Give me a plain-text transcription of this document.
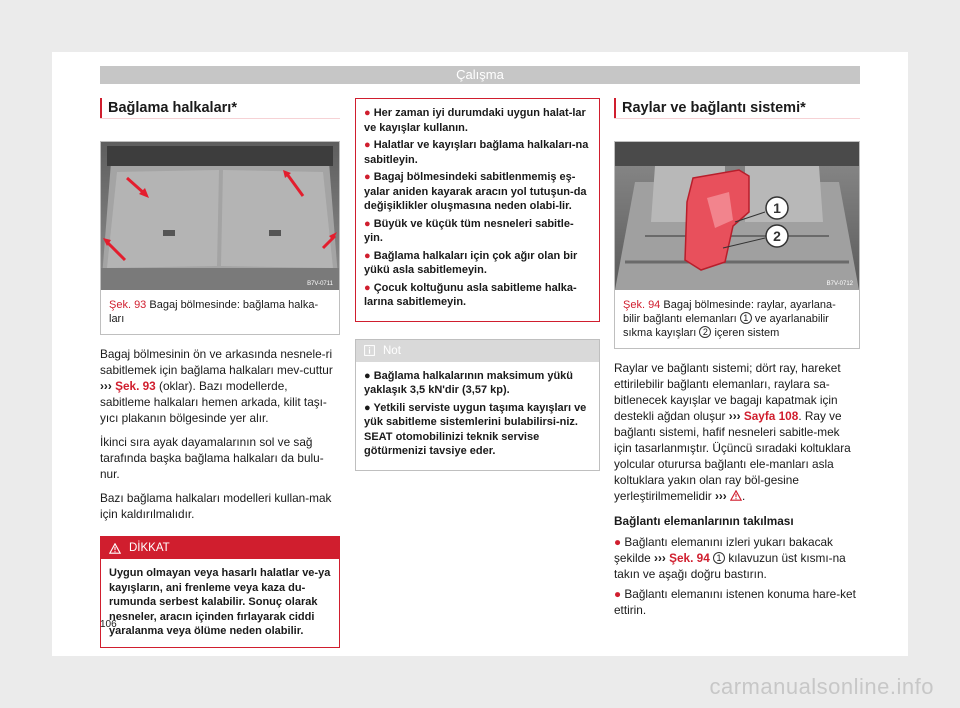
Çalışma
Bağlama halkaları*
B7V-0711
Şek. 93 Bagaj bölmesinde: bağlama halka-ları

Bagaj bölmesinin ön ve arkasında nesnele-ri sabitlemek için bağlama halkaları mev-cuttur ››› Şek. 93 (oklar). Bazı modellerde, sabitleme halkaları hemen arkada, kilit taşı-yıcı plakanın bölgesinde yer alır.

İkinci sıra ayak dayamalarının sol ve sağ tarafında başka bağlama halkaları da bulu-nur.

Bazı bağlama halkaları modelleri kullan-mak için kaldırılmalıdır.

DİKKAT
Uygun olmayan veya hasarlı halatlar ve-ya kayışların, ani frenleme veya kaza du-rumunda serbest kalabilir. Sonuç olarak nesneler, aracın içinden fırlayarak ciddi yaralanma veya ölüme neden olabilir.
● Her zaman iyi durumdaki uygun halat-lar ve kayışlar kullanın.
● Halatlar ve kayışları bağlama halkaları-na sabitleyin.
● Bagaj bölmesindeki sabitlenmemiş eş-yalar aniden kayarak aracın yol tutuşun-da değişiklikler oluşmasına neden olabi-lir.
● Büyük ve küçük tüm nesneleri sabitle-yin.
● Bağlama halkaları için çok ağır olan bir yükü asla sabitlemeyin.
● Çocuk koltuğunu asla sabitleme halka-larına sabitlemeyin.
Not
● Bağlama halkalarının maksimum yükü yaklaşık 3,5 kN'dir (3,57 kp).
● Yetkili serviste uygun taşıma kayışları ve yük sabitleme sistemlerini bulabilirsi-niz. SEAT otomobilinizi teknik servise götürmenizi tavsiye eder.
Raylar ve bağlantı sistemi*
1
2
B7V-0712
Şek. 94 Bagaj bölmesinde: raylar, ayarlana-bilir bağlantı elemanları 1 ve ayarlanabilir sıkma kayışları 2 içeren sistem

Raylar ve bağlantı sistemi; dört ray, hareket ettirilebilir bağlantı elemanları, raylara sa-bitlenecek kayışlar ve bagajı kapatmak için destekli ağdan oluşur ››› Sayfa 108. Ray ve bağlantı sistemi, hafif nesneleri sabitle-mek için tasarlanmıştır. Üçüncü sıradaki koltuklara yolcular oturursa bağlantı ele-manları asla koltuklara yakın olan ray böl-gesine yerleştirilmemelidir ››› .

Bağlantı elemanlarının takılması

● Bağlantı elemanını izleri yukarı bakacak şekilde ››› Şek. 94 1 kılavuzun üst kısmı-na takın ve aşağı doğru bastırın.

● Bağlantı elemanını istenen konuma hare-ket ettirin.

106
carmanualsonline.info
